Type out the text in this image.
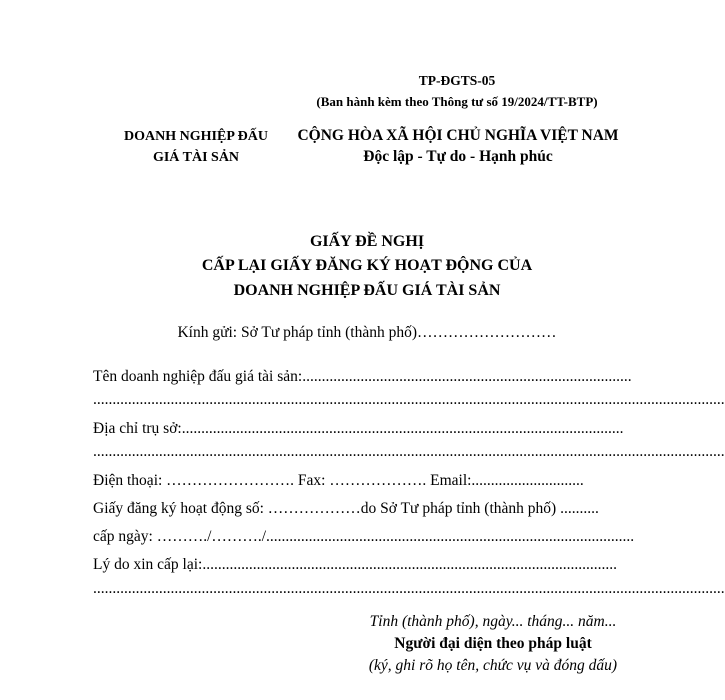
TP-ĐGTS-05
(Ban hành kèm theo Thông tư số 19/2024/TT-BTP)
DOANH NGHIỆP ĐẤU
GIÁ TÀI SẢN
CỘNG HÒA XÃ HỘI CHỦ NGHĨA VIỆT NAM
Độc lập - Tự do - Hạnh phúc
GIẤY ĐỀ NGHỊ
CẤP LẠI GIẤY ĐĂNG KÝ HOẠT ĐỘNG CỦA
DOANH NGHIỆP ĐẤU GIÁ TÀI SẢN
Kính gửi: Sở Tư pháp tỉnh (thành phố)………………………
Tên doanh nghiệp đấu giá tài sản:.....................................................................................
...................................................................................................................................................................
Địa chỉ trụ sở:..................................................................................................................
...................................................................................................................................................................
Điện thoại: ……………………. Fax: ………………. Email:.............................
Giấy đăng ký hoạt động số: ………………do Sở Tư pháp tỉnh (thành phố) ..........
cấp ngày: ………./………./...............................................................................................
Lý do xin cấp lại:...........................................................................................................
...................................................................................................................................................................
Tỉnh (thành phố), ngày... tháng... năm...
Người đại diện theo pháp luật
(ký, ghi rõ họ tên, chức vụ và đóng dấu)
